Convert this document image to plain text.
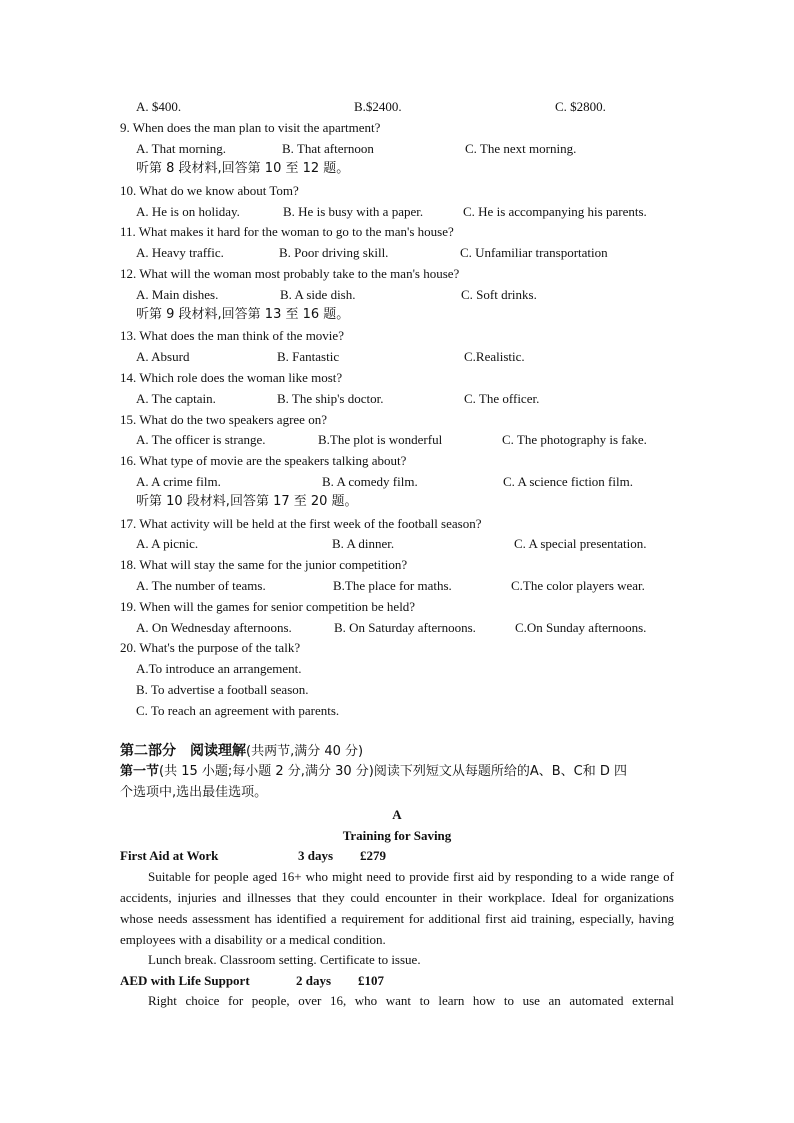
A. $400.	B.$2400.	C. $2800.
9. When does the man plan to visit the apartment?
A. That morning.	B. That afternoon	C. The next morning.
听第 8 段材料,回答第 10 至 12 题。
10. What do we know about Tom?
A. He is on holiday.	B. He is busy with a paper.	C. He is accompanying his parents.
11. What makes it hard for the woman to go to the man's house?
A. Heavy traffic.	B. Poor driving skill.	C. Unfamiliar transportation
12. What will the woman most probably take to the man's house?
A. Main dishes.	B. A side dish.	C. Soft drinks.
听第 9 段材料,回答第 13 至 16 题。
13. What does the man think of the movie?
A. Absurd	B. Fantastic	C.Realistic.
14. Which role does the woman like most?
A. The captain.	B. The ship's doctor.	C. The officer.
15. What do the two speakers agree on?
A. The officer is strange.	B.The plot is wonderful	C. The photography is fake.
16. What type of movie are the speakers talking about?
A. A crime film.	B. A comedy film.	C. A science fiction film.
听第 10 段材料,回答第 17 至 20 题。
17. What activity will be held at the first week of the football season?
A. A picnic.	B. A dinner.	C. A special presentation.
18. What will stay the same for the junior competition?
A. The number of teams.	B.The place for maths.	C.The color players wear.
19. When will the games for senior competition be held?
A. On Wednesday afternoons.	B. On Saturday afternoons.	C.On Sunday afternoons.
20. What's the purpose of the talk?
A.To introduce an arrangement.
B. To advertise a football season.
C. To reach an agreement with parents.
第二部分　阅读理解(共两节,满分 40 分)
第一节(共 15 小题;每小题 2 分,满分 30 分)阅读下列短文从每题所给的A、B、C和 D 四
个选项中,选出最佳选项。
A
Training for Saving
First Aid at Work	3 days £279
Suitable for people aged 16+ who might need to provide first aid by responding to a wide range of accidents, injuries and illnesses that they could encounter in their workplace. Ideal for organizations whose needs assessment has identified a requirement for additional first aid training, especially, having employees with a disability or a medical condition.
Lunch break. Classroom setting. Certificate to issue.
AED with Life Support	2 days £107
Right choice for people, over 16, who want to learn how to use an automated external
